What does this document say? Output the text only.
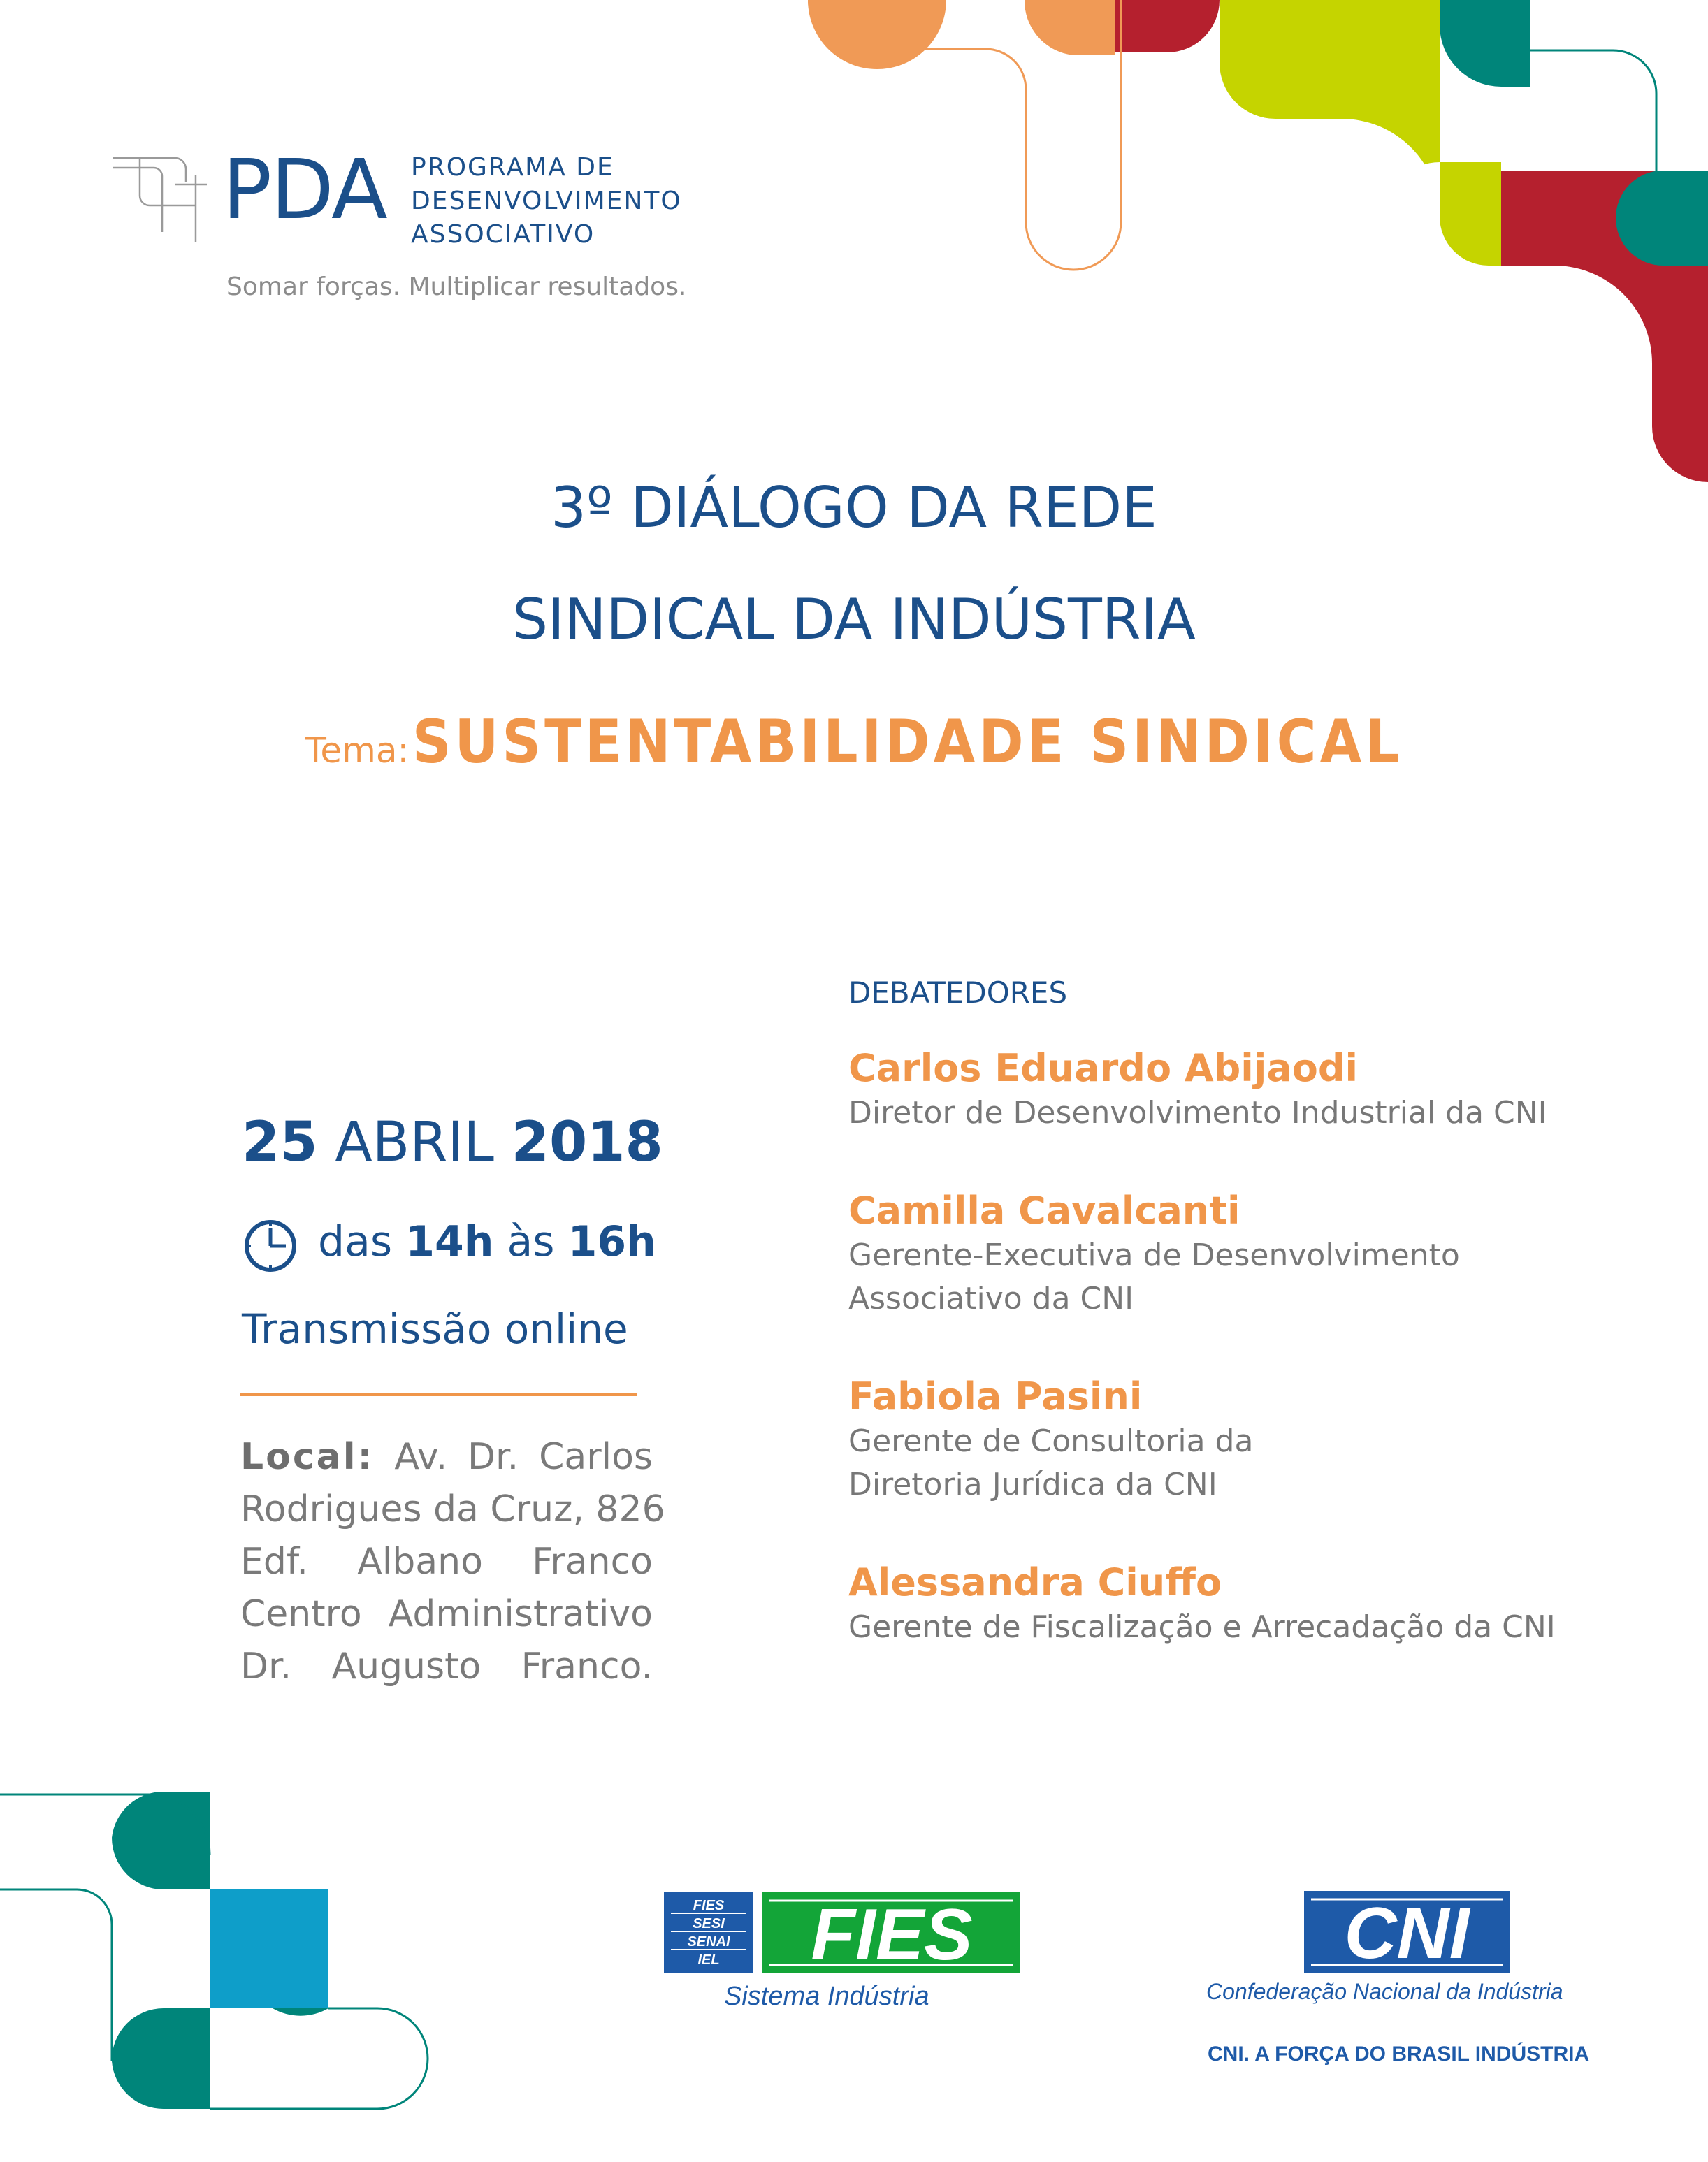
PDA PROGRAMA DE
DESENVOLVIMENTO
ASSOCIATIVO
Somar forças. Multiplicar resultados.
3º DIÁLOGO DA REDE
SINDICAL DA INDÚSTRIA
Tema: SUSTENTABILIDADE SINDICAL
25 ABRIL 2018
das 14h às 16h
Transmissão online
Local: Av. Dr. Carlos
Rodrigues da Cruz, 826
Edf. Albano Franco
Centro Administrativo
Dr. Augusto Franco.
DEBATEDORES
Carlos Eduardo Abijaodi
Diretor de Desenvolvimento Industrial da CNI
Camilla Cavalcanti
Gerente-Executiva de Desenvolvimento
Associativo da CNI
Fabiola Pasini
Gerente de Consultoria da
Diretoria Jurídica da CNI
Alessandra Ciuffo
Gerente de Fiscalização e Arrecadação da CNI
FIES
SESI
SENAI
IEL FIES
Sistema Indústria
CNI
Confederação Nacional da Indústria
CNI. A FORÇA DO BRASIL INDÚSTRIA
